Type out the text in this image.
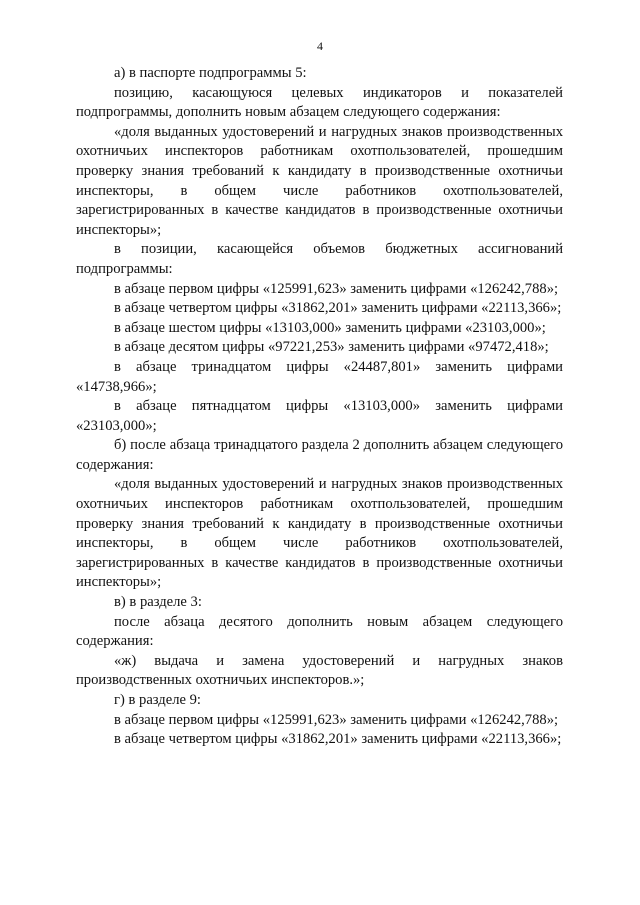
4

а) в паспорте подпрограммы 5:

позицию, касающуюся целевых индикаторов и показателей подпрограммы, дополнить новым абзацем следующего содержания:

«доля выданных удостоверений и нагрудных знаков производственных охотничьих инспекторов работникам охотпользователей, прошедшим проверку знания требований к кандидату в производственные охотничьи инспекторы, в общем числе работников охотпользователей, зарегистрированных в качестве кандидатов в производственные охотничьи инспекторы»;

в позиции, касающейся объемов бюджетных ассигнований подпрограммы:

в абзаце первом цифры «125991,623» заменить цифрами «126242,788»;

в абзаце четвертом цифры «31862,201» заменить цифрами «22113,366»;

в абзаце шестом цифры «13103,000» заменить цифрами «23103,000»;

в абзаце десятом цифры «97221,253» заменить цифрами «97472,418»;

в абзаце тринадцатом цифры «24487,801» заменить цифрами «14738,966»;

в абзаце пятнадцатом цифры «13103,000» заменить цифрами «23103,000»;

б) после абзаца тринадцатого раздела 2 дополнить абзацем следующего содержания:

«доля выданных удостоверений и нагрудных знаков производственных охотничьих инспекторов работникам охотпользователей, прошедшим проверку знания требований к кандидату в производственные охотничьи инспекторы, в общем числе работников охотпользователей, зарегистрированных в качестве кандидатов в производственные охотничьи инспекторы»;

в) в разделе 3:

после абзаца десятого дополнить новым абзацем следующего содержания:

«ж) выдача и замена удостоверений и нагрудных знаков производственных охотничьих инспекторов.»;

г) в разделе 9:

в абзаце первом цифры «125991,623» заменить цифрами «126242,788»;

в абзаце четвертом цифры «31862,201» заменить цифрами «22113,366»;
